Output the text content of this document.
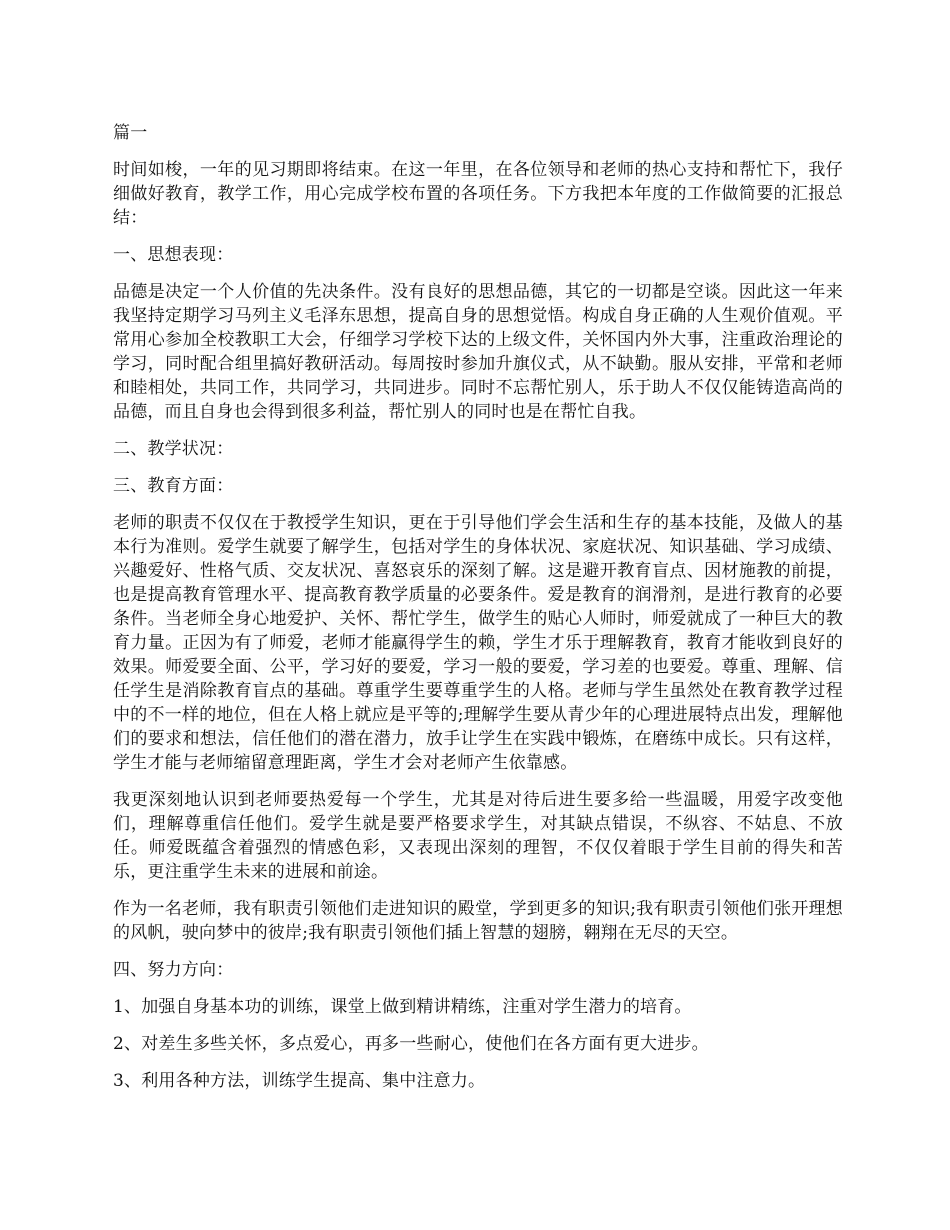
篇一

时间如梭，一年的见习期即将结束。在这一年里，在各位领导和老师的热心支持和帮忙下，我仔细做好教育，教学工作，用心完成学校布置的各项任务。下方我把本年度的工作做简要的汇报总结：

一、思想表现：

品德是决定一个人价值的先决条件。没有良好的思想品德，其它的一切都是空谈。因此这一年来我坚持定期学习马列主义毛泽东思想，提高自身的思想觉悟。构成自身正确的人生观价值观。平常用心参加全校教职工大会，仔细学习学校下达的上级文件，关怀国内外大事，注重政治理论的学习，同时配合组里搞好教研活动。每周按时参加升旗仪式，从不缺勤。服从安排，平常和老师和睦相处，共同工作，共同学习，共同进步。同时不忘帮忙别人，乐于助人不仅仅能铸造高尚的品德，而且自身也会得到很多利益，帮忙别人的同时也是在帮忙自我。

二、教学状况：

三、教育方面：

老师的职责不仅仅在于教授学生知识，更在于引导他们学会生活和生存的基本技能，及做人的基本行为准则。爱学生就要了解学生，包括对学生的身体状况、家庭状况、知识基础、学习成绩、兴趣爱好、性格气质、交友状况、喜怒哀乐的深刻了解。这是避开教育盲点、因材施教的前提，也是提高教育管理水平、提高教育教学质量的必要条件。爱是教育的润滑剂，是进行教育的必要条件。当老师全身心地爱护、关怀、帮忙学生，做学生的贴心人师时，师爱就成了一种巨大的教育力量。正因为有了师爱，老师才能赢得学生的赖，学生才乐于理解教育，教育才能收到良好的效果。师爱要全面、公平，学习好的要爱，学习一般的要爱，学习差的也要爱。尊重、理解、信任学生是消除教育盲点的基础。尊重学生要尊重学生的人格。老师与学生虽然处在教育教学过程中的不一样的地位，但在人格上就应是平等的;理解学生要从青少年的心理进展特点出发，理解他们的要求和想法，信任他们的潜在潜力，放手让学生在实践中锻炼，在磨练中成长。只有这样，学生才能与老师缩留意理距离，学生才会对老师产生依靠感。

我更深刻地认识到老师要热爱每一个学生，尤其是对待后进生要多给一些温暖，用爱字改变他们，理解尊重信任他们。爱学生就是要严格要求学生，对其缺点错误，不纵容、不姑息、不放任。师爱既蕴含着强烈的情感色彩，又表现出深刻的理智，不仅仅着眼于学生目前的得失和苦乐，更注重学生未来的进展和前途。

作为一名老师，我有职责引领他们走进知识的殿堂，学到更多的知识;我有职责引领他们张开理想的风帆，驶向梦中的彼岸;我有职责引领他们插上智慧的翅膀，翱翔在无尽的天空。

四、努力方向：

1、加强自身基本功的训练，课堂上做到精讲精练，注重对学生潜力的培育。

2、对差生多些关怀，多点爱心，再多一些耐心，使他们在各方面有更大进步。

3、利用各种方法，训练学生提高、集中注意力。
